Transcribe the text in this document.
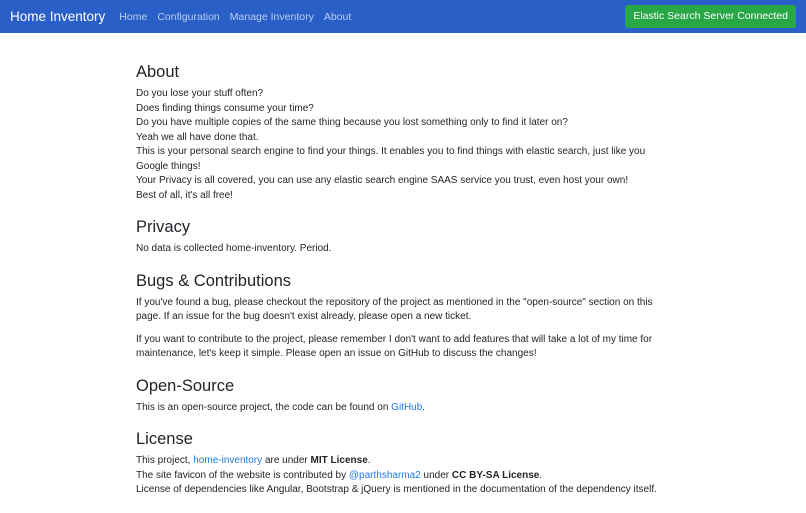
Home Inventory Home Configuration Manage Inventory About	Elastic Search Server Connected
About

Do you lose your stuff often?
Does finding things consume your time?
Do you have multiple copies of the same thing because you lost something only to find it later on?
Yeah we all have done that.
This is your personal search engine to find your things. It enables you to find things with elastic search, just like you Google things!
Your Privacy is all covered, you can use any elastic search engine SAAS service you trust, even host your own!
Best of all, it's all free!

Privacy

No data is collected home-inventory. Period.

Bugs & Contributions

If you've found a bug, please checkout the repository of the project as mentioned in the "open-source" section on this page. If an issue for the bug doesn't exist already, please open a new ticket.

If you want to contribute to the project, please remember I don't want to add features that will take a lot of my time for maintenance, let's keep it simple. Please open an issue on GitHub to discuss the changes!

Open-Source

This is an open-source project, the code can be found on GitHub.

License

This project, home-inventory are under MIT License.
The site favicon of the website is contributed by @parthsharma2 under CC BY-SA License.
License of dependencies like Angular, Bootstrap & jQuery is mentioned in the documentation of the dependency itself.
